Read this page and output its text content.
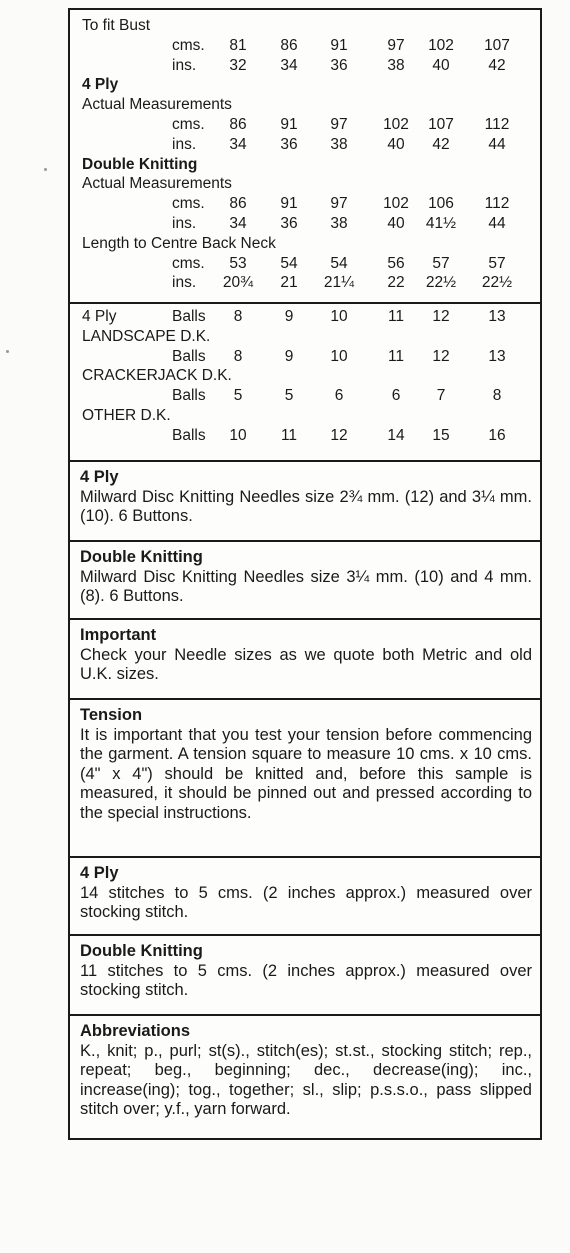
To fit Bust
cms.	81	86	91	97	102	107
ins.	32	34	36	38	40	42
4 Ply
Actual Measurements
cms.	86	91	97	102	107	112
ins.	34	36	38	40	42	44
Double Knitting
Actual Measurements
cms.	86	91	97	102	106	112
ins.	34	36	38	40	41½	44
Length to Centre Back Neck
cms.	53	54	54	56	57	57
ins.	20¾	21	21¼	22	22½	22½
4 Ply	Balls	8	9	10	11	12	13
LANDSCAPE D.K.
Balls	8	9	10	11	12	13
CRACKERJACK D.K.
Balls	5	5	6	6	7	8
OTHER D.K.
Balls	10	11	12	14	15	16
4 Ply
Milward Disc Knitting Needles size 2¾ mm. (12) and 3¼ mm. (10). 6 Buttons.
Double Knitting
Milward Disc Knitting Needles size 3¼ mm. (10) and 4 mm. (8). 6 Buttons.
Important
Check your Needle sizes as we quote both Metric and old U.K. sizes.
Tension
It is important that you test your tension before commencing the garment. A tension square to measure 10 cms. x 10 cms. (4" x 4") should be knitted and, before this sample is measured, it should be pinned out and pressed according to the special instructions.
4 Ply
14 stitches to 5 cms. (2 inches approx.) measured over stocking stitch.
Double Knitting
11 stitches to 5 cms. (2 inches approx.) measured over stocking stitch.
Abbreviations
K., knit; p., purl; st(s)., stitch(es); st.st., stocking stitch; rep., repeat; beg., beginning; dec., decrease(ing); inc., increase(ing); tog., together; sl., slip; p.s.s.o., pass slipped stitch over; y.f., yarn forward.
